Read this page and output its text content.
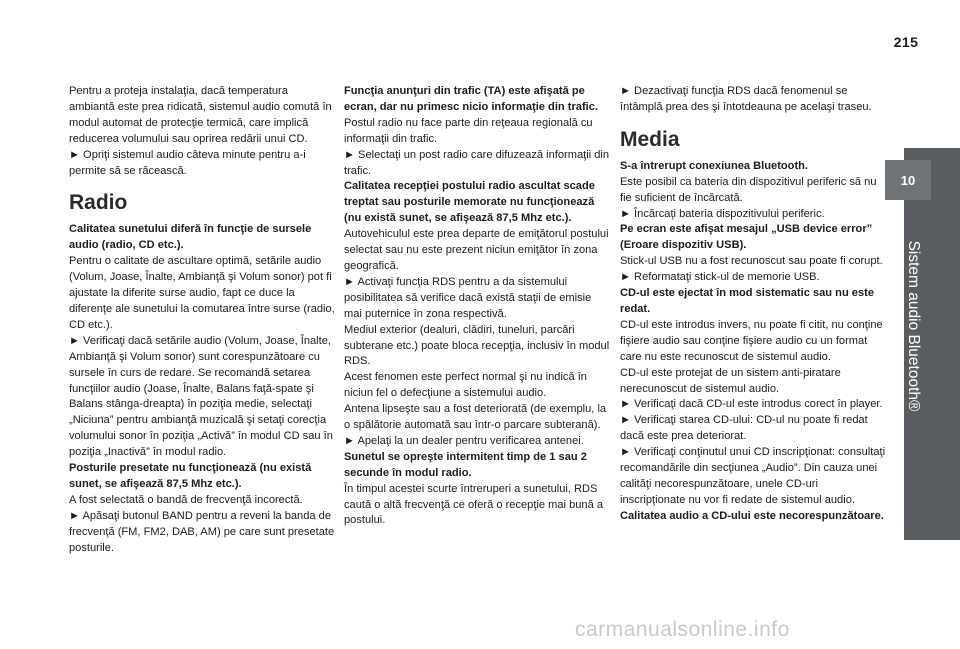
215
10
Sistem audio Bluetooth®

Pentru a proteja instalaţia, dacă temperatura ambiantă este prea ridicată, sistemul audio comută în modul automat de protecţie termică, care implică reducerea volumului sau oprirea redării unui CD.

► Opriţi sistemul audio câteva minute pentru a-i permite să se răcească.

Radio

Calitatea sunetului diferă în funcţie de sursele audio (radio, CD etc.).

Pentru o calitate de ascultare optimă, setările audio (Volum, Joase, Înalte, Ambianţă şi Volum sonor) pot fi ajustate la diferite surse audio, fapt ce duce la diferenţe ale sunetului la comutarea între surse (radio, CD etc.).

► Verificaţi dacă setările audio (Volum, Joase, Înalte, Ambianţă şi Volum sonor) sunt corespunzătoare cu sursele în curs de redare. Se recomandă setarea funcţiilor audio (Joase, Înalte, Balans faţă-spate şi Balans stânga-dreapta) în poziţia medie, selectaţi „Niciuna” pentru ambianţă muzicală şi setaţi corecţia volumului sonor în poziţia „Activă” în modul CD sau în poziţia „Inactivă” în modul radio.

Posturile presetate nu funcţionează (nu există sunet, se afişează 87,5 Mhz etc.).

A fost selectată o bandă de frecvenţă incorectă.

► Apăsaţi butonul BAND pentru a reveni la banda de frecvenţă (FM, FM2, DAB, AM) pe care sunt presetate posturile.

Funcţia anunţuri din trafic (TA) este afişată pe ecran, dar nu primesc nicio informaţie din trafic.

Postul radio nu face parte din reţeaua regională cu informaţii din trafic.

► Selectaţi un post radio care difuzează informaţii din trafic.

Calitatea recepţiei postului radio ascultat scade treptat sau posturile memorate nu funcţionează (nu există sunet, se afişează 87,5 Mhz etc.).

Autovehiculul este prea departe de emiţătorul postului selectat sau nu este prezent niciun emiţător în zona geografică.

► Activaţi funcţia RDS pentru a da sistemului posibilitatea să verifice dacă există staţii de emisie mai puternice în zona respectivă.

Mediul exterior (dealuri, clădiri, tuneluri, parcări subterane etc.) poate bloca recepţia, inclusiv în modul RDS.

Acest fenomen este perfect normal şi nu indică în niciun fel o defecţiune a sistemului audio.

Antena lipseşte sau a fost deteriorată (de exemplu, la o spălătorie automată sau într-o parcare subterană).

► Apelaţi la un dealer pentru verificarea antenei.

Sunetul se opreşte intermitent timp de 1 sau 2 secunde în modul radio.

În timpul acestei scurte întreruperi a sunetului, RDS caută o altă frecvenţă ce oferă o recepţie mai bună a postului.

► Dezactivaţi funcţia RDS dacă fenomenul se întâmplă prea des şi întotdeauna pe acelaşi traseu.

Media

S-a întrerupt conexiunea Bluetooth.

Este posibil ca bateria din dispozitivul periferic să nu fie suficient de încărcată.

► Încărcaţi bateria dispozitivului periferic.

Pe ecran este afişat mesajul „USB device error” (Eroare dispozitiv USB).

Stick-ul USB nu a fost recunoscut sau poate fi corupt.

► Reformataţi stick-ul de memorie USB.

CD-ul este ejectat în mod sistematic sau nu este redat.

CD-ul este introdus invers, nu poate fi citit, nu conţine fişiere audio sau conţine fişiere audio cu un format care nu este recunoscut de sistemul audio.

CD-ul este protejat de un sistem anti-piratare nerecunoscut de sistemul audio.

► Verificaţi dacă CD-ul este introdus corect în player.

► Verificaţi starea CD-ului: CD-ul nu poate fi redat dacă este prea deteriorat.

► Verificaţi conţinutul unui CD inscripţionat: consultaţi recomandările din secţiunea „Audio”. Din cauza unei calităţi necorespunzătoare, unele CD-uri inscripţionate nu vor fi redate de sistemul audio.

Calitatea audio a CD-ului este necorespunzătoare.

carmanualsonline.info
